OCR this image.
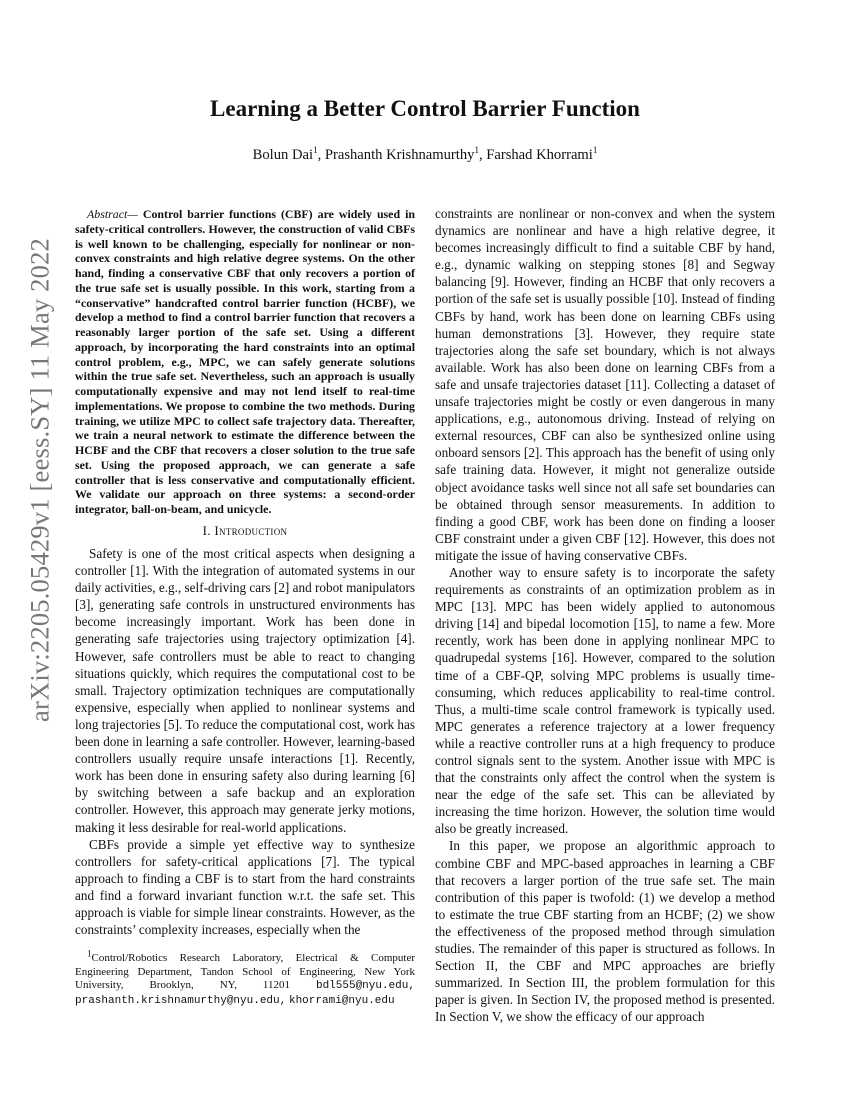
arXiv:2205.05429v1 [eess.SY] 11 May 2022
Learning a Better Control Barrier Function
Bolun Dai$^1$, Prashanth Krishnamurthy$^1$, Farshad Khorrami$^1$

Abstract— Control barrier functions (CBF) are widely used in safety-critical controllers. However, the construction of valid CBFs is well known to be challenging, especially for nonlinear or non-convex constraints and high relative degree systems. On the other hand, finding a conservative CBF that only recovers a portion of the true safe set is usually possible. In this work, starting from a “conservative” handcrafted control barrier function (HCBF), we develop a method to find a control barrier function that recovers a reasonably larger portion of the safe set. Using a different approach, by incorporating the hard constraints into an optimal control problem, e.g., MPC, we can safely generate solutions within the true safe set. Nevertheless, such an approach is usually computationally expensive and may not lend itself to real-time implementations. We propose to combine the two methods. During training, we utilize MPC to collect safe trajectory data. Thereafter, we train a neural network to estimate the difference between the HCBF and the CBF that recovers a closer solution to the true safe set. Using the proposed approach, we can generate a safe controller that is less conservative and computationally efficient. We validate our approach on three systems: a second-order integrator, ball-on-beam, and unicycle.

I. Introduction

Safety is one of the most critical aspects when designing a controller [1]. With the integration of automated systems in our daily activities, e.g., self-driving cars [2] and robot manipulators [3], generating safe controls in unstructured environments has become increasingly important. Work has been done in generating safe trajectories using trajectory optimization [4]. However, safe controllers must be able to react to changing situations quickly, which requires the computational cost to be small. Trajectory optimization techniques are computationally expensive, especially when applied to nonlinear systems and long trajectories [5]. To reduce the computational cost, work has been done in learning a safe controller. However, learning-based controllers usually require unsafe interactions [1]. Recently, work has been done in ensuring safety also during learning [6] by switching between a safe backup and an exploration controller. However, this approach may generate jerky motions, making it less desirable for real-world applications.

CBFs provide a simple yet effective way to synthesize controllers for safety-critical applications [7]. The typical approach to finding a CBF is to start from the hard constraints and find a forward invariant function w.r.t. the safe set. This approach is viable for simple linear constraints. However, as the constraints’ complexity increases, especially when the

$^1$Control/Robotics Research Laboratory, Electrical & Computer Engineering Department, Tandon School of Engineering, New York University, Brooklyn, NY, 11201 bdl555@nyu.edu, prashanth.krishnamurthy@nyu.edu, khorrami@nyu.edu

constraints are nonlinear or non-convex and when the system dynamics are nonlinear and have a high relative degree, it becomes increasingly difficult to find a suitable CBF by hand, e.g., dynamic walking on stepping stones [8] and Segway balancing [9]. However, finding an HCBF that only recovers a portion of the safe set is usually possible [10]. Instead of finding CBFs by hand, work has been done on learning CBFs using human demonstrations [3]. However, they require state trajectories along the safe set boundary, which is not always available. Work has also been done on learning CBFs from a safe and unsafe trajectories dataset [11]. Collecting a dataset of unsafe trajectories might be costly or even dangerous in many applications, e.g., autonomous driving. Instead of relying on external resources, CBF can also be synthesized online using onboard sensors [2]. This approach has the benefit of using only safe training data. However, it might not generalize outside object avoidance tasks well since not all safe set boundaries can be obtained through sensor measurements. In addition to finding a good CBF, work has been done on finding a looser CBF constraint under a given CBF [12]. However, this does not mitigate the issue of having conservative CBFs.

Another way to ensure safety is to incorporate the safety requirements as constraints of an optimization problem as in MPC [13]. MPC has been widely applied to autonomous driving [14] and bipedal locomotion [15], to name a few. More recently, work has been done in applying nonlinear MPC to quadrupedal systems [16]. However, compared to the solution time of a CBF-QP, solving MPC problems is usually time-consuming, which reduces applicability to real-time control. Thus, a multi-time scale control framework is typically used. MPC generates a reference trajectory at a lower frequency while a reactive controller runs at a high frequency to produce control signals sent to the system. Another issue with MPC is that the constraints only affect the control when the system is near the edge of the safe set. This can be alleviated by increasing the time horizon. However, the solution time would also be greatly increased.

In this paper, we propose an algorithmic approach to combine CBF and MPC-based approaches in learning a CBF that recovers a larger portion of the true safe set. The main contribution of this paper is twofold: (1) we develop a method to estimate the true CBF starting from an HCBF; (2) we show the effectiveness of the proposed method through simulation studies. The remainder of this paper is structured as follows. In Section II, the CBF and MPC approaches are briefly summarized. In Section III, the problem formulation for this paper is given. In Section IV, the proposed method is presented. In Section V, we show the efficacy of our approach
